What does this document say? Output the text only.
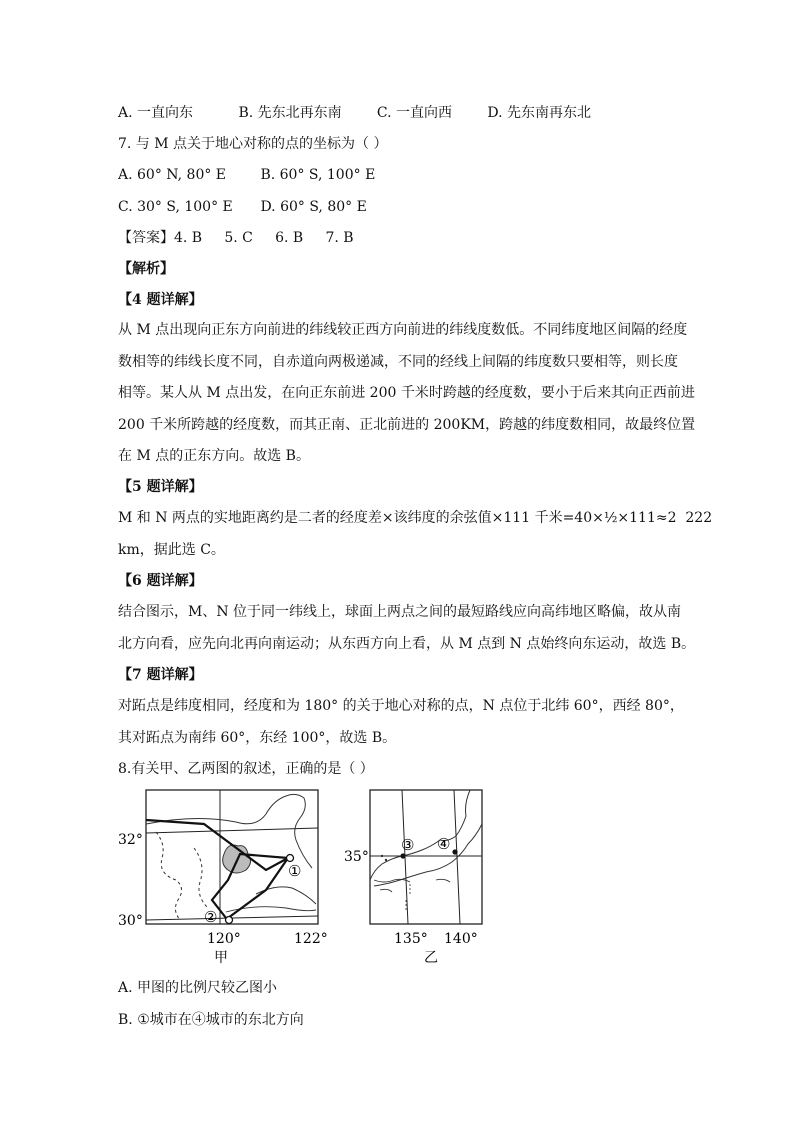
A. 一直向东	B. 先东北再东南	C. 一直向西	D. 先东南再东北
7. 与 M 点关于地心对称的点的坐标为（ ）
A. 60° N, 80° E B. 60° S, 100° E
C. 30° S, 100° E D. 60° S, 80° E
【答案】4. B     5. C     6. B     7. B
【解析】
【4 题详解】
从 M 点出现向正东方向前进的纬线较正西方向前进的纬线度数低。不同纬度地区间隔的经度
数相等的纬线长度不同，自赤道向两极递减，不同的经线上间隔的纬度数只要相等，则长度
相等。某人从 M 点出发，在向正东前进 200 千米时跨越的经度数，要小于后来其向正西前进
200 千米所跨越的经度数，而其正南、正北前进的 200KM，跨越的纬度数相同，故最终位置
在 M 点的正东方向。故选 B。
【5 题详解】
M 和 N 两点的实地距离约是二者的经度差×该纬度的余弦值×111 千米=40×½×111≈2  222
km，据此选 C。
【6 题详解】
结合图示，M、N 位于同一纬线上，球面上两点之间的最短路线应向高纬地区略偏，故从南
北方向看，应先向北再向南运动；从东西方向上看，从 M 点到 N 点始终向东运动，故选 B。
【7 题详解】
对跖点是纬度相同，经度和为 180° 的关于地心对称的点，N 点位于北纬 60°，西经 80°，
其对跖点为南纬 60°，东经 100°，故选 B。
8.有关甲、乙两图的叙述，正确的是（ ）
①
②
32°
30°
120°	122°
甲
③ ④
35°
135° 140°
乙
A. 甲图的比例尺较乙图小
B. ①城市在④城市的东北方向
